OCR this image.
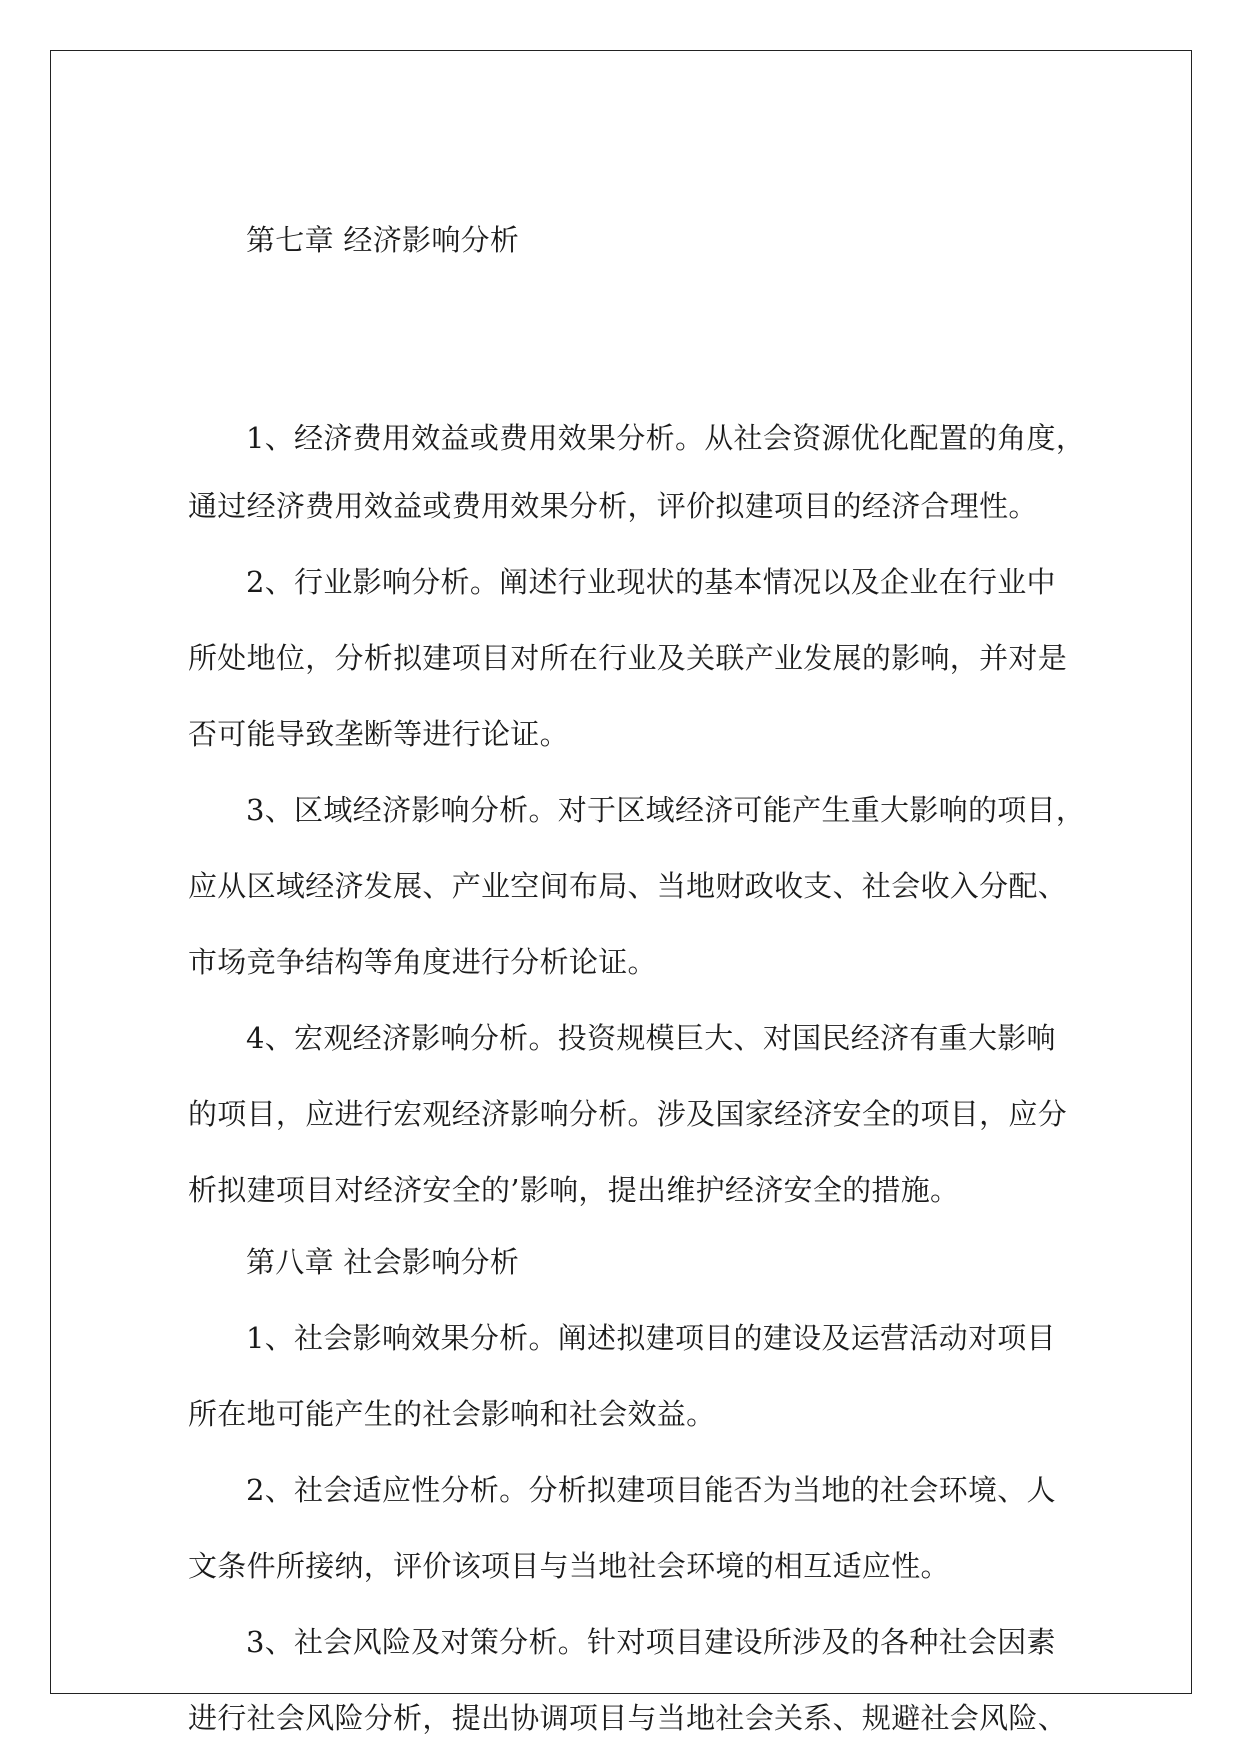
第七章 经济影响分析
1、经济费用效益或费用效果分析。从社会资源优化配置的角度，
通过经济费用效益或费用效果分析，评价拟建项目的经济合理性。
2、行业影响分析。阐述行业现状的基本情况以及企业在行业中
所处地位，分析拟建项目对所在行业及关联产业发展的影响，并对是
否可能导致垄断等进行论证。
3、区域经济影响分析。对于区域经济可能产生重大影响的项目，
应从区域经济发展、产业空间布局、当地财政收支、社会收入分配、
市场竞争结构等角度进行分析论证。
4、宏观经济影响分析。投资规模巨大、对国民经济有重大影响
的项目，应进行宏观经济影响分析。涉及国家经济安全的项目，应分
析拟建项目对经济安全的’影响，提出维护经济安全的措施。
第八章 社会影响分析
1、社会影响效果分析。阐述拟建项目的建设及运营活动对项目
所在地可能产生的社会影响和社会效益。
2、社会适应性分析。分析拟建项目能否为当地的社会环境、人
文条件所接纳，评价该项目与当地社会环境的相互适应性。
3、社会风险及对策分析。针对项目建设所涉及的各种社会因素
进行社会风险分析，提出协调项目与当地社会关系、规避社会风险、
